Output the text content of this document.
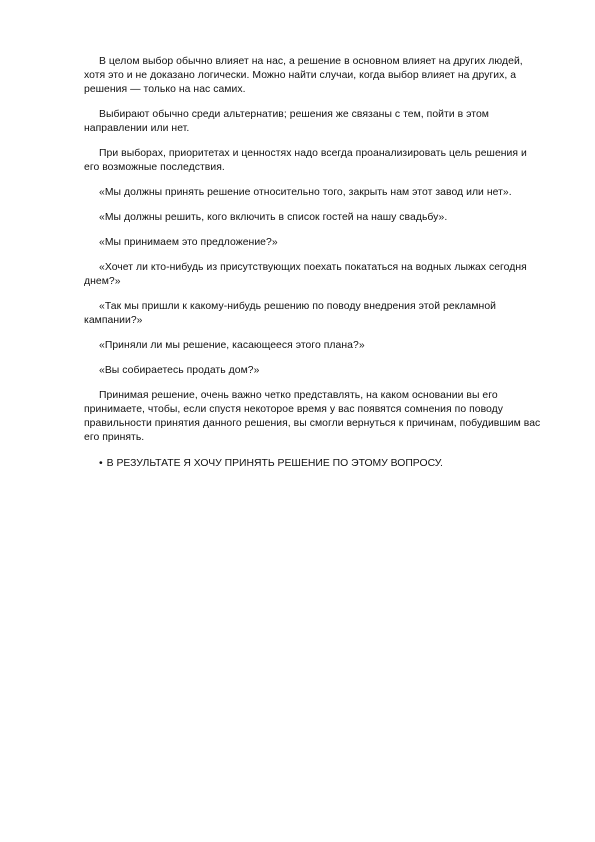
В целом выбор обычно влияет на нас, а решение в основном влияет на других людей, хотя это и не доказано логически. Можно найти случаи, когда выбор влияет на других, а решения — только на нас самих.

Выбирают обычно среди альтернатив; решения же связаны с тем, пойти в этом направлении или нет.

При выборах, приоритетах и ценностях надо всегда проанализировать цель решения и его возможные последствия.

«Мы должны принять решение относительно того, закрыть нам этот завод или нет».

«Мы должны решить, кого включить в список гостей на нашу свадьбу».

«Мы принимаем это предложение?»

«Хочет ли кто-нибудь из присутствующих поехать покататься на водных лыжах сегодня днем?»

«Так мы пришли к какому-нибудь решению по поводу внедрения этой рекламной кампании?»

«Приняли ли мы решение, касающееся этого плана?»

«Вы собираетесь продать дом?»

Принимая решение, очень важно четко представлять, на каком основании вы его принимаете, чтобы, если спустя некоторое время у вас появятся сомнения по поводу правильности принятия данного решения, вы смогли вернуться к причинам, побудившим вас его принять.

• В РЕЗУЛЬТАТЕ Я ХОЧУ ПРИНЯТЬ РЕШЕНИЕ ПО ЭТОМУ ВОПРОСУ.
